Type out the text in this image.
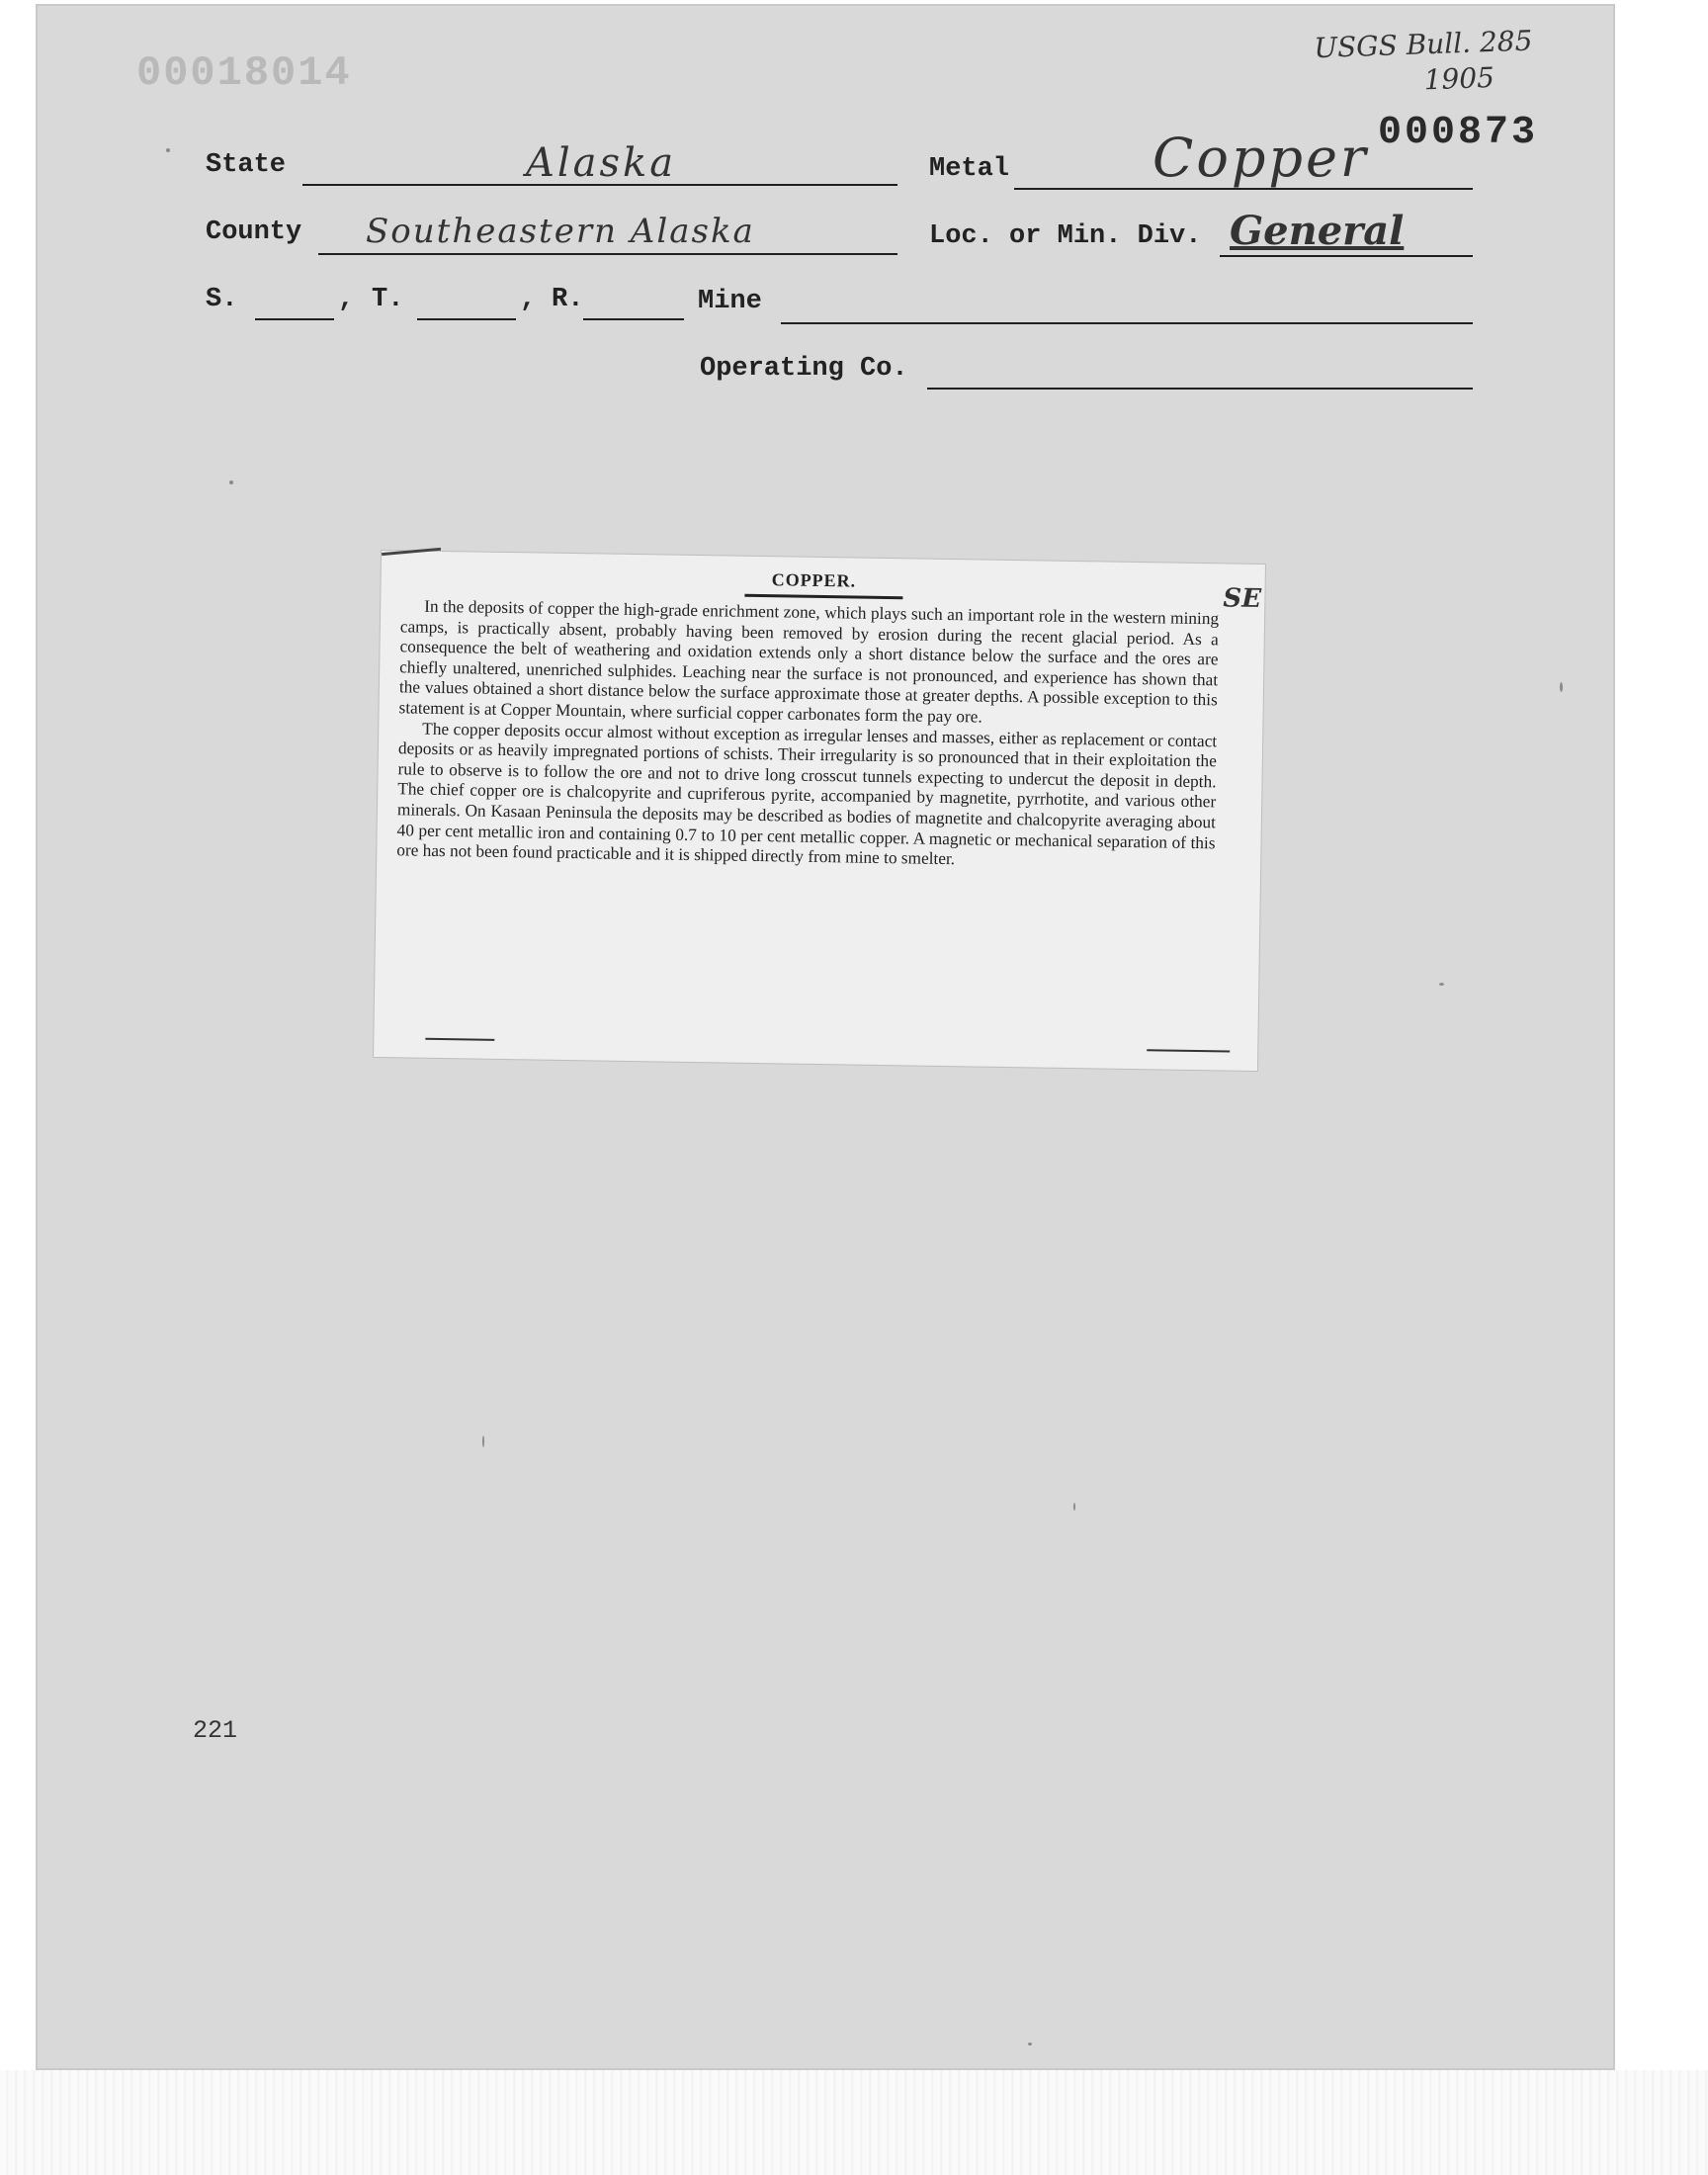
00018014
USGS Bull. 285
1905
000873
State	Alaska	Metal	Copper
County Southeastern Alaska	Loc. or Min. Div. General
S.	, T.	, R.	Mine
Operating Co.
COPPER.
SE

In the deposits of copper the high-grade enrichment zone, which plays such an important role in the western mining camps, is practically absent, probably having been removed by erosion during the recent glacial period. As a consequence the belt of weathering and oxidation extends only a short distance below the surface and the ores are chiefly unaltered, unenriched sulphides. Leaching near the surface is not pronounced, and experience has shown that the values obtained a short distance below the surface approximate those at greater depths. A possible exception to this statement is at Copper Mountain, where surficial copper carbonates form the pay ore.

The copper deposits occur almost without exception as irregular lenses and masses, either as replacement or contact deposits or as heavily impregnated portions of schists. Their irregularity is so pronounced that in their exploitation the rule to observe is to follow the ore and not to drive long crosscut tunnels expecting to undercut the deposit in depth. The chief copper ore is chalcopyrite and cupriferous pyrite, accompanied by magnetite, pyrrhotite, and various other minerals. On Kasaan Peninsula the deposits may be described as bodies of magnetite and chalcopyrite averaging about 40 per cent metallic iron and containing 0.7 to 10 per cent metallic copper. A magnetic or mechanical separation of this ore has not been found practicable and it is shipped directly from mine to smelter.

221
